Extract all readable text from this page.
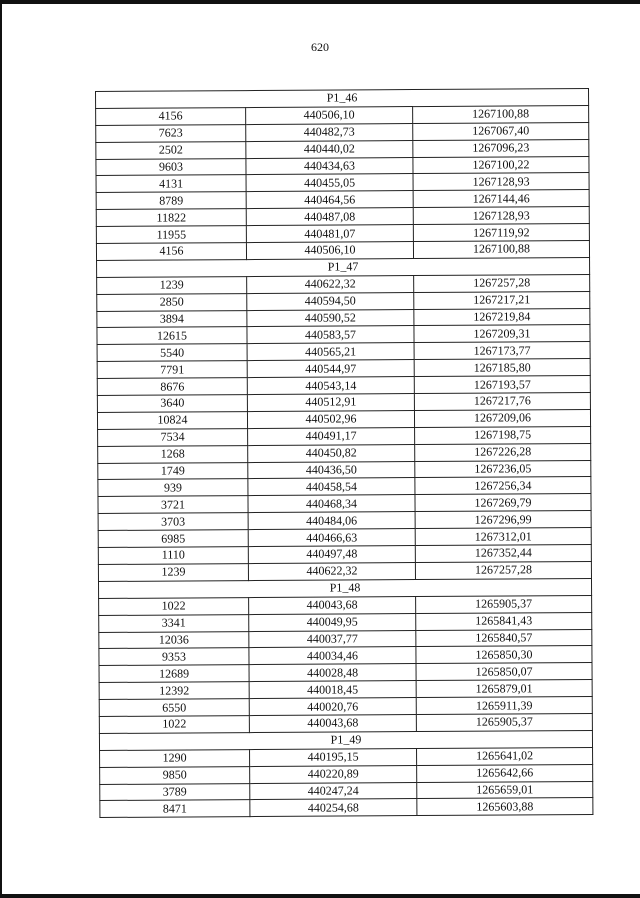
620
P1_46		
4156	440506,10	1267100,88
7623	440482,73	1267067,40
2502	440440,02	1267096,23
9603	440434,63	1267100,22
4131	440455,05	1267128,93
8789	440464,56	1267144,46
11822	440487,08	1267128,93
11955	440481,07	1267119,92
4156	440506,10	1267100,88
P1_47		
1239	440622,32	1267257,28
2850	440594,50	1267217,21
3894	440590,52	1267219,84
12615	440583,57	1267209,31
5540	440565,21	1267173,77
7791	440544,97	1267185,80
8676	440543,14	1267193,57
3640	440512,91	1267217,76
10824	440502,96	1267209,06
7534	440491,17	1267198,75
1268	440450,82	1267226,28
1749	440436,50	1267236,05
939	440458,54	1267256,34
3721	440468,34	1267269,79
3703	440484,06	1267296,99
6985	440466,63	1267312,01
1110	440497,48	1267352,44
1239	440622,32	1267257,28
P1_48		
1022	440043,68	1265905,37
3341	440049,95	1265841,43
12036	440037,77	1265840,57
9353	440034,46	1265850,30
12689	440028,48	1265850,07
12392	440018,45	1265879,01
6550	440020,76	1265911,39
1022	440043,68	1265905,37
P1_49		
1290	440195,15	1265641,02
9850	440220,89	1265642,66
3789	440247,24	1265659,01
8471	440254,68	1265603,88
